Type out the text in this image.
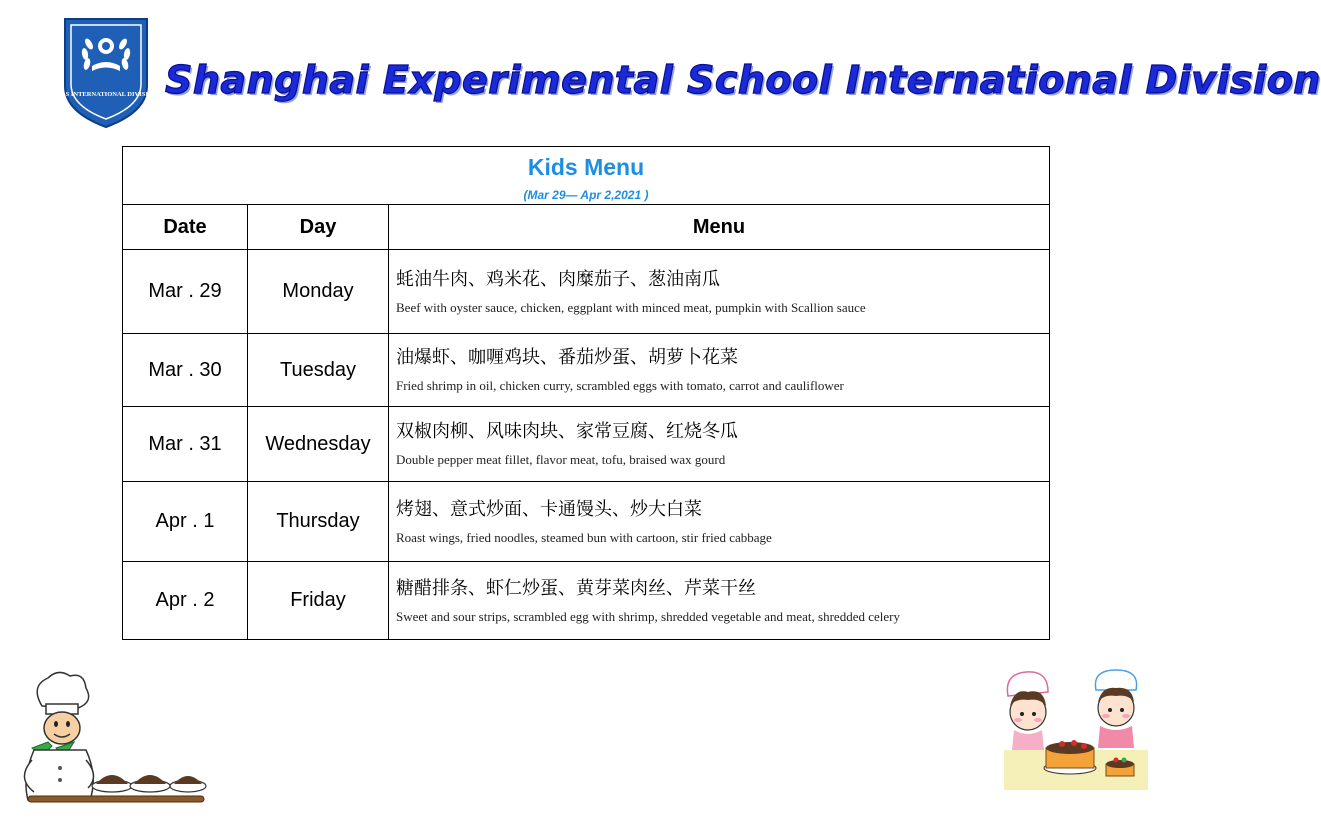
S.E.S INTERNATIONAL DIVISION Shanghai Experimental School International Division
Kids Menu
(Mar 29— Apr 2,2021 )		

Date	Day	Menu
Mar . 29	Monday	蚝油牛肉、鸡米花、肉糜茄子、葱油南瓜
Beef with oyster sauce, chicken, eggplant with minced meat, pumpkin with Scallion sauce

Mar . 30	Tuesday	油爆虾、咖喱鸡块、番茄炒蛋、胡萝卜花菜
Fried shrimp in oil, chicken curry, scrambled eggs with tomato, carrot and cauliflower

Mar . 31	Wednesday	双椒肉柳、风味肉块、家常豆腐、红烧冬瓜
Double pepper meat fillet, flavor meat, tofu, braised wax gourd

Apr . 1	Thursday	烤翅、意式炒面、卡通馒头、炒大白菜
Roast wings, fried noodles, steamed bun with cartoon, stir fried cabbage

Apr . 2	Friday	糖醋排条、虾仁炒蛋、黄芽菜肉丝、芹菜干丝
Sweet and sour strips, scrambled egg with shrimp, shredded vegetable and meat, shredded celery
